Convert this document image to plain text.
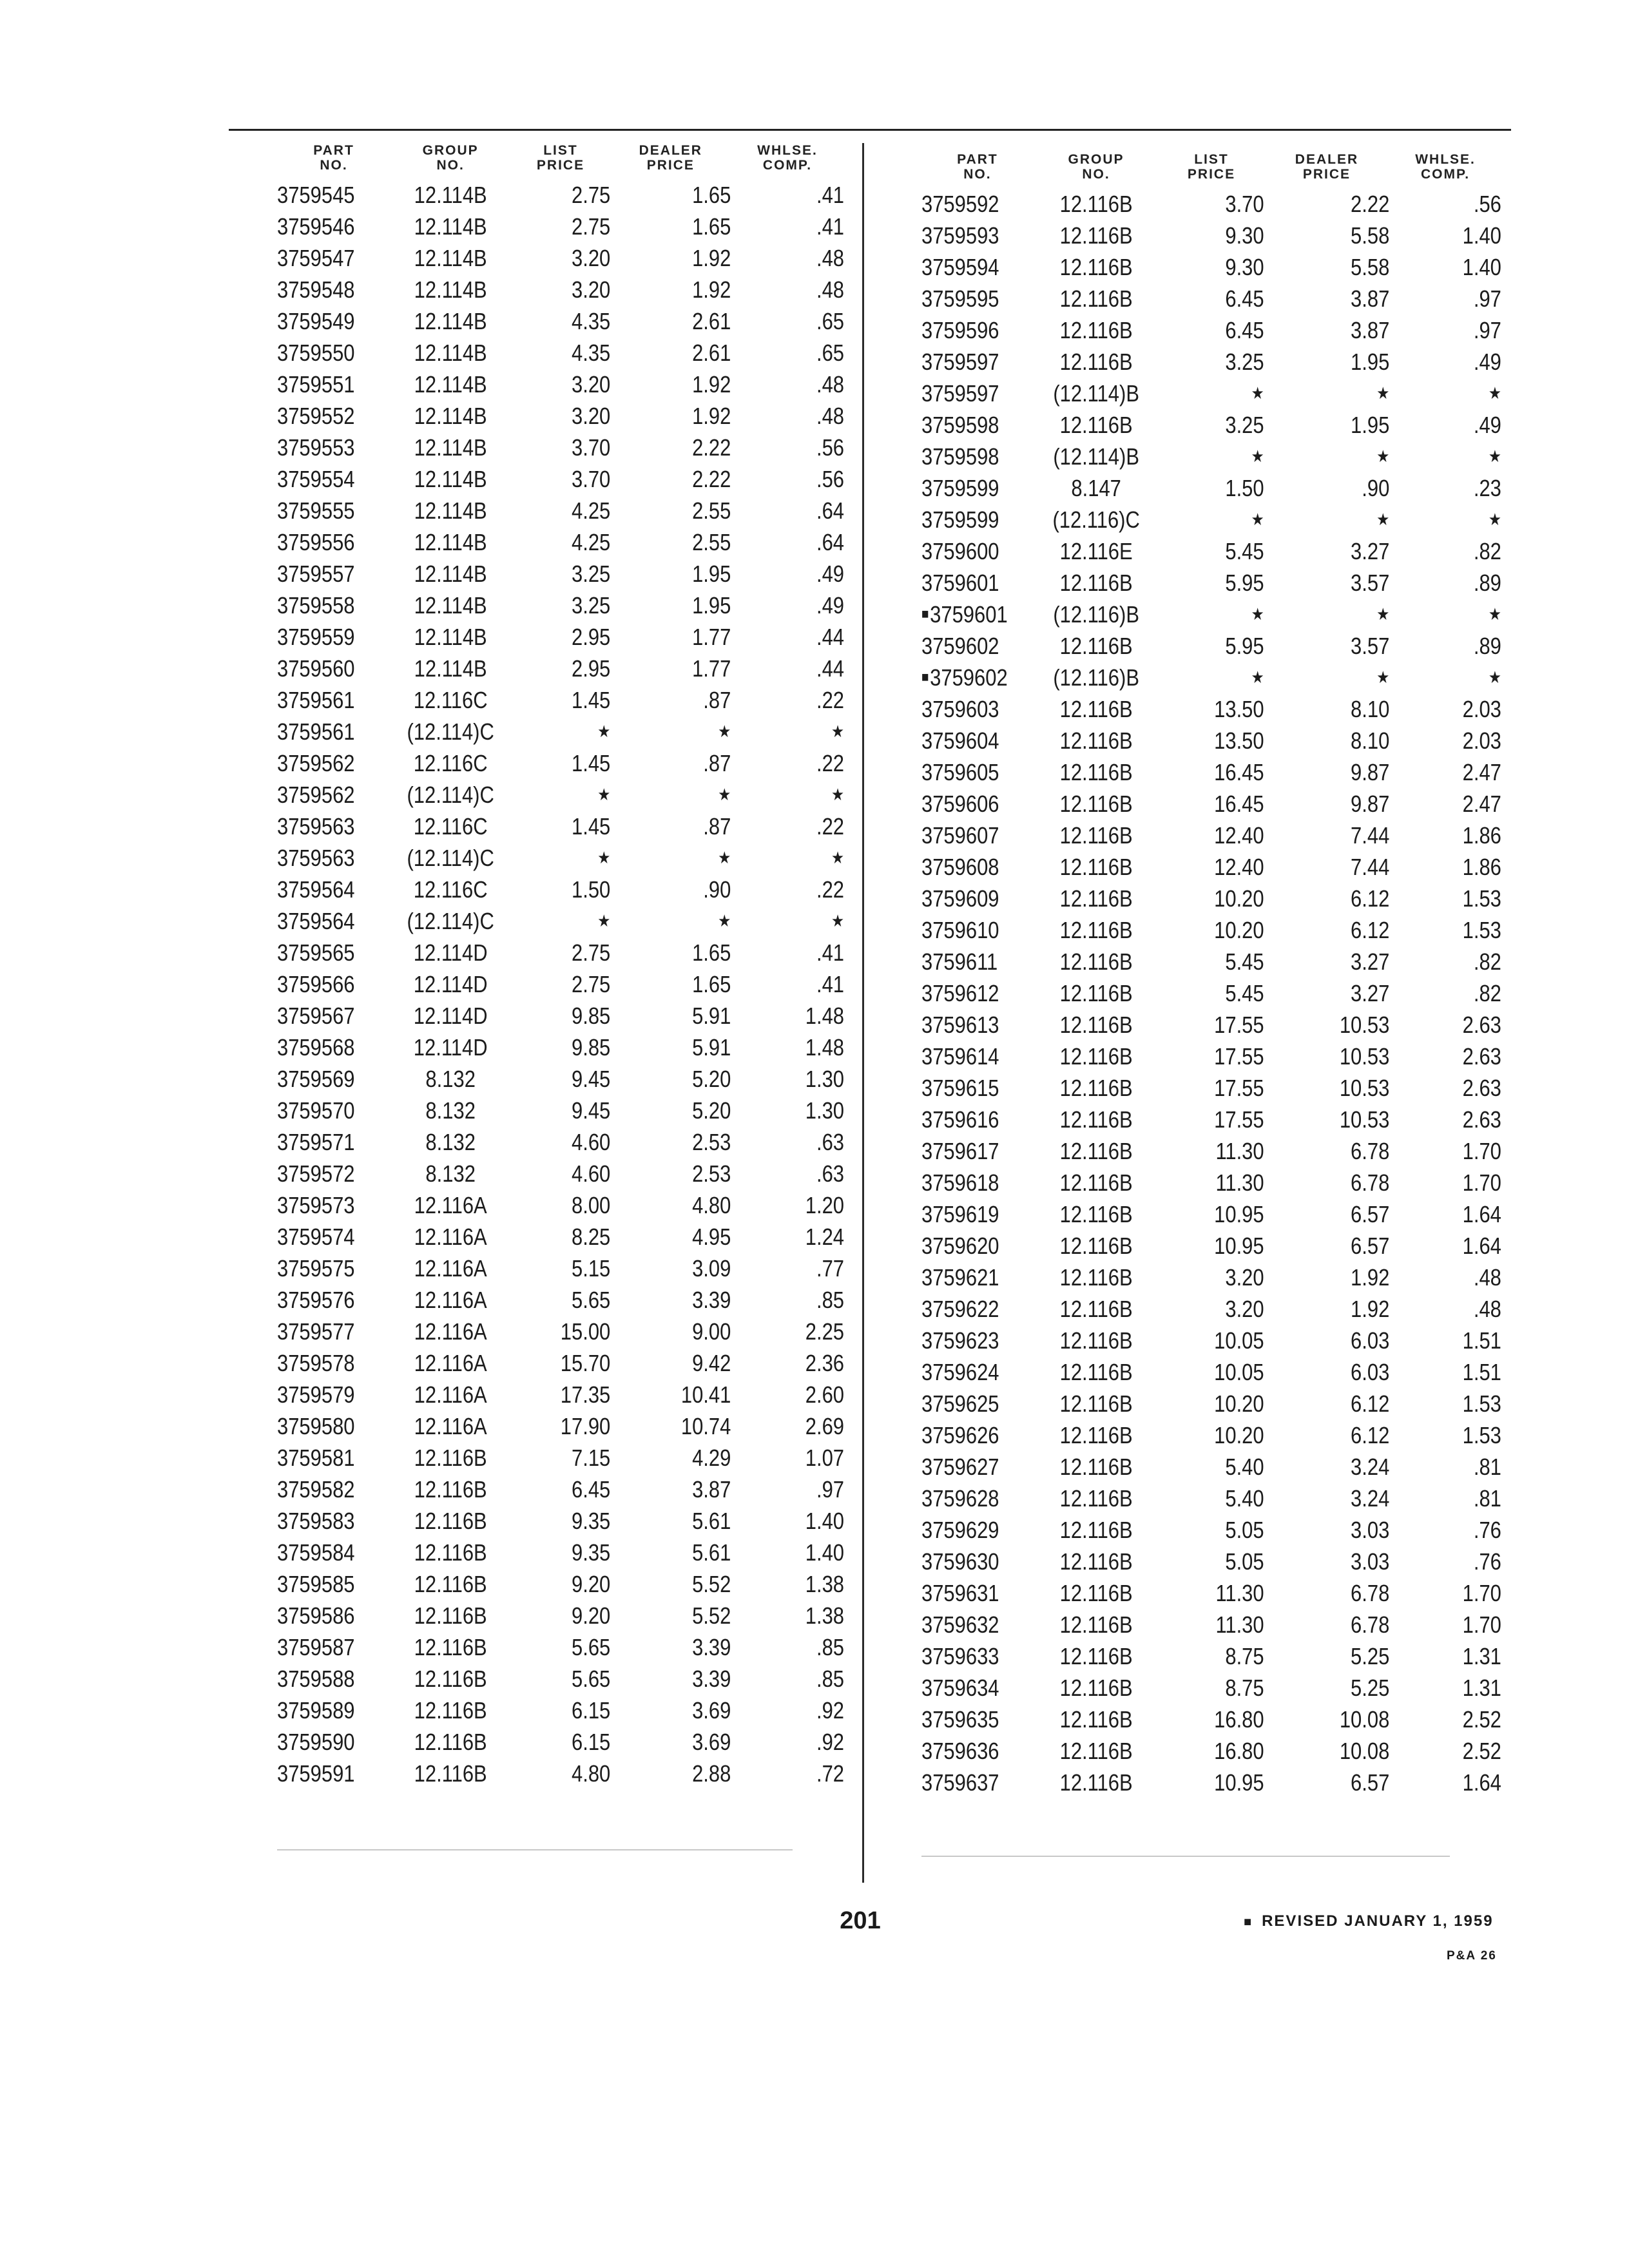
PART
NO.	GROUP
NO.	LIST
PRICE	DEALER
PRICE	WHLSE.
COMP.
3759545	12.114B	2.75	1.65	.41
3759546	12.114B	2.75	1.65	.41
3759547	12.114B	3.20	1.92	.48
3759548	12.114B	3.20	1.92	.48
3759549	12.114B	4.35	2.61	.65
3759550	12.114B	4.35	2.61	.65
3759551	12.114B	3.20	1.92	.48
3759552	12.114B	3.20	1.92	.48
3759553	12.114B	3.70	2.22	.56
3759554	12.114B	3.70	2.22	.56
3759555	12.114B	4.25	2.55	.64
3759556	12.114B	4.25	2.55	.64
3759557	12.114B	3.25	1.95	.49
3759558	12.114B	3.25	1.95	.49
3759559	12.114B	2.95	1.77	.44
3759560	12.114B	2.95	1.77	.44
3759561	12.116C	1.45	.87	.22
3759561	(12.114)C	★	★	★
3759562	12.116C	1.45	.87	.22
3759562	(12.114)C	★	★	★
3759563	12.116C	1.45	.87	.22
3759563	(12.114)C	★	★	★
3759564	12.116C	1.50	.90	.22
3759564	(12.114)C	★	★	★
3759565	12.114D	2.75	1.65	.41
3759566	12.114D	2.75	1.65	.41
3759567	12.114D	9.85	5.91	1.48
3759568	12.114D	9.85	5.91	1.48
3759569	8.132	9.45	5.20	1.30
3759570	8.132	9.45	5.20	1.30
3759571	8.132	4.60	2.53	.63
3759572	8.132	4.60	2.53	.63
3759573	12.116A	8.00	4.80	1.20
3759574	12.116A	8.25	4.95	1.24
3759575	12.116A	5.15	3.09	.77
3759576	12.116A	5.65	3.39	.85
3759577	12.116A	15.00	9.00	2.25
3759578	12.116A	15.70	9.42	2.36
3759579	12.116A	17.35	10.41	2.60
3759580	12.116A	17.90	10.74	2.69
3759581	12.116B	7.15	4.29	1.07
3759582	12.116B	6.45	3.87	.97
3759583	12.116B	9.35	5.61	1.40
3759584	12.116B	9.35	5.61	1.40
3759585	12.116B	9.20	5.52	1.38
3759586	12.116B	9.20	5.52	1.38
3759587	12.116B	5.65	3.39	.85
3759588	12.116B	5.65	3.39	.85
3759589	12.116B	6.15	3.69	.92
3759590	12.116B	6.15	3.69	.92
3759591	12.116B	4.80	2.88	.72
PART
NO.	GROUP
NO.	LIST
PRICE	DEALER
PRICE	WHLSE.
COMP.
3759592	12.116B	3.70	2.22	.56
3759593	12.116B	9.30	5.58	1.40
3759594	12.116B	9.30	5.58	1.40
3759595	12.116B	6.45	3.87	.97
3759596	12.116B	6.45	3.87	.97
3759597	12.116B	3.25	1.95	.49
3759597	(12.114)B	★	★	★
3759598	12.116B	3.25	1.95	.49
3759598	(12.114)B	★	★	★
3759599	8.147	1.50	.90	.23
3759599	(12.116)C	★	★	★
3759600	12.116E	5.45	3.27	.82
3759601	12.116B	5.95	3.57	.89
■3759601	(12.116)B	★	★	★
3759602	12.116B	5.95	3.57	.89
■3759602	(12.116)B	★	★	★
3759603	12.116B	13.50	8.10	2.03
3759604	12.116B	13.50	8.10	2.03
3759605	12.116B	16.45	9.87	2.47
3759606	12.116B	16.45	9.87	2.47
3759607	12.116B	12.40	7.44	1.86
3759608	12.116B	12.40	7.44	1.86
3759609	12.116B	10.20	6.12	1.53
3759610	12.116B	10.20	6.12	1.53
3759611	12.116B	5.45	3.27	.82
3759612	12.116B	5.45	3.27	.82
3759613	12.116B	17.55	10.53	2.63
3759614	12.116B	17.55	10.53	2.63
3759615	12.116B	17.55	10.53	2.63
3759616	12.116B	17.55	10.53	2.63
3759617	12.116B	11.30	6.78	1.70
3759618	12.116B	11.30	6.78	1.70
3759619	12.116B	10.95	6.57	1.64
3759620	12.116B	10.95	6.57	1.64
3759621	12.116B	3.20	1.92	.48
3759622	12.116B	3.20	1.92	.48
3759623	12.116B	10.05	6.03	1.51
3759624	12.116B	10.05	6.03	1.51
3759625	12.116B	10.20	6.12	1.53
3759626	12.116B	10.20	6.12	1.53
3759627	12.116B	5.40	3.24	.81
3759628	12.116B	5.40	3.24	.81
3759629	12.116B	5.05	3.03	.76
3759630	12.116B	5.05	3.03	.76
3759631	12.116B	11.30	6.78	1.70
3759632	12.116B	11.30	6.78	1.70
3759633	12.116B	8.75	5.25	1.31
3759634	12.116B	8.75	5.25	1.31
3759635	12.116B	16.80	10.08	2.52
3759636	12.116B	16.80	10.08	2.52
3759637	12.116B	10.95	6.57	1.64
201	■ REVISED JANUARY 1, 1959
P&A 26
